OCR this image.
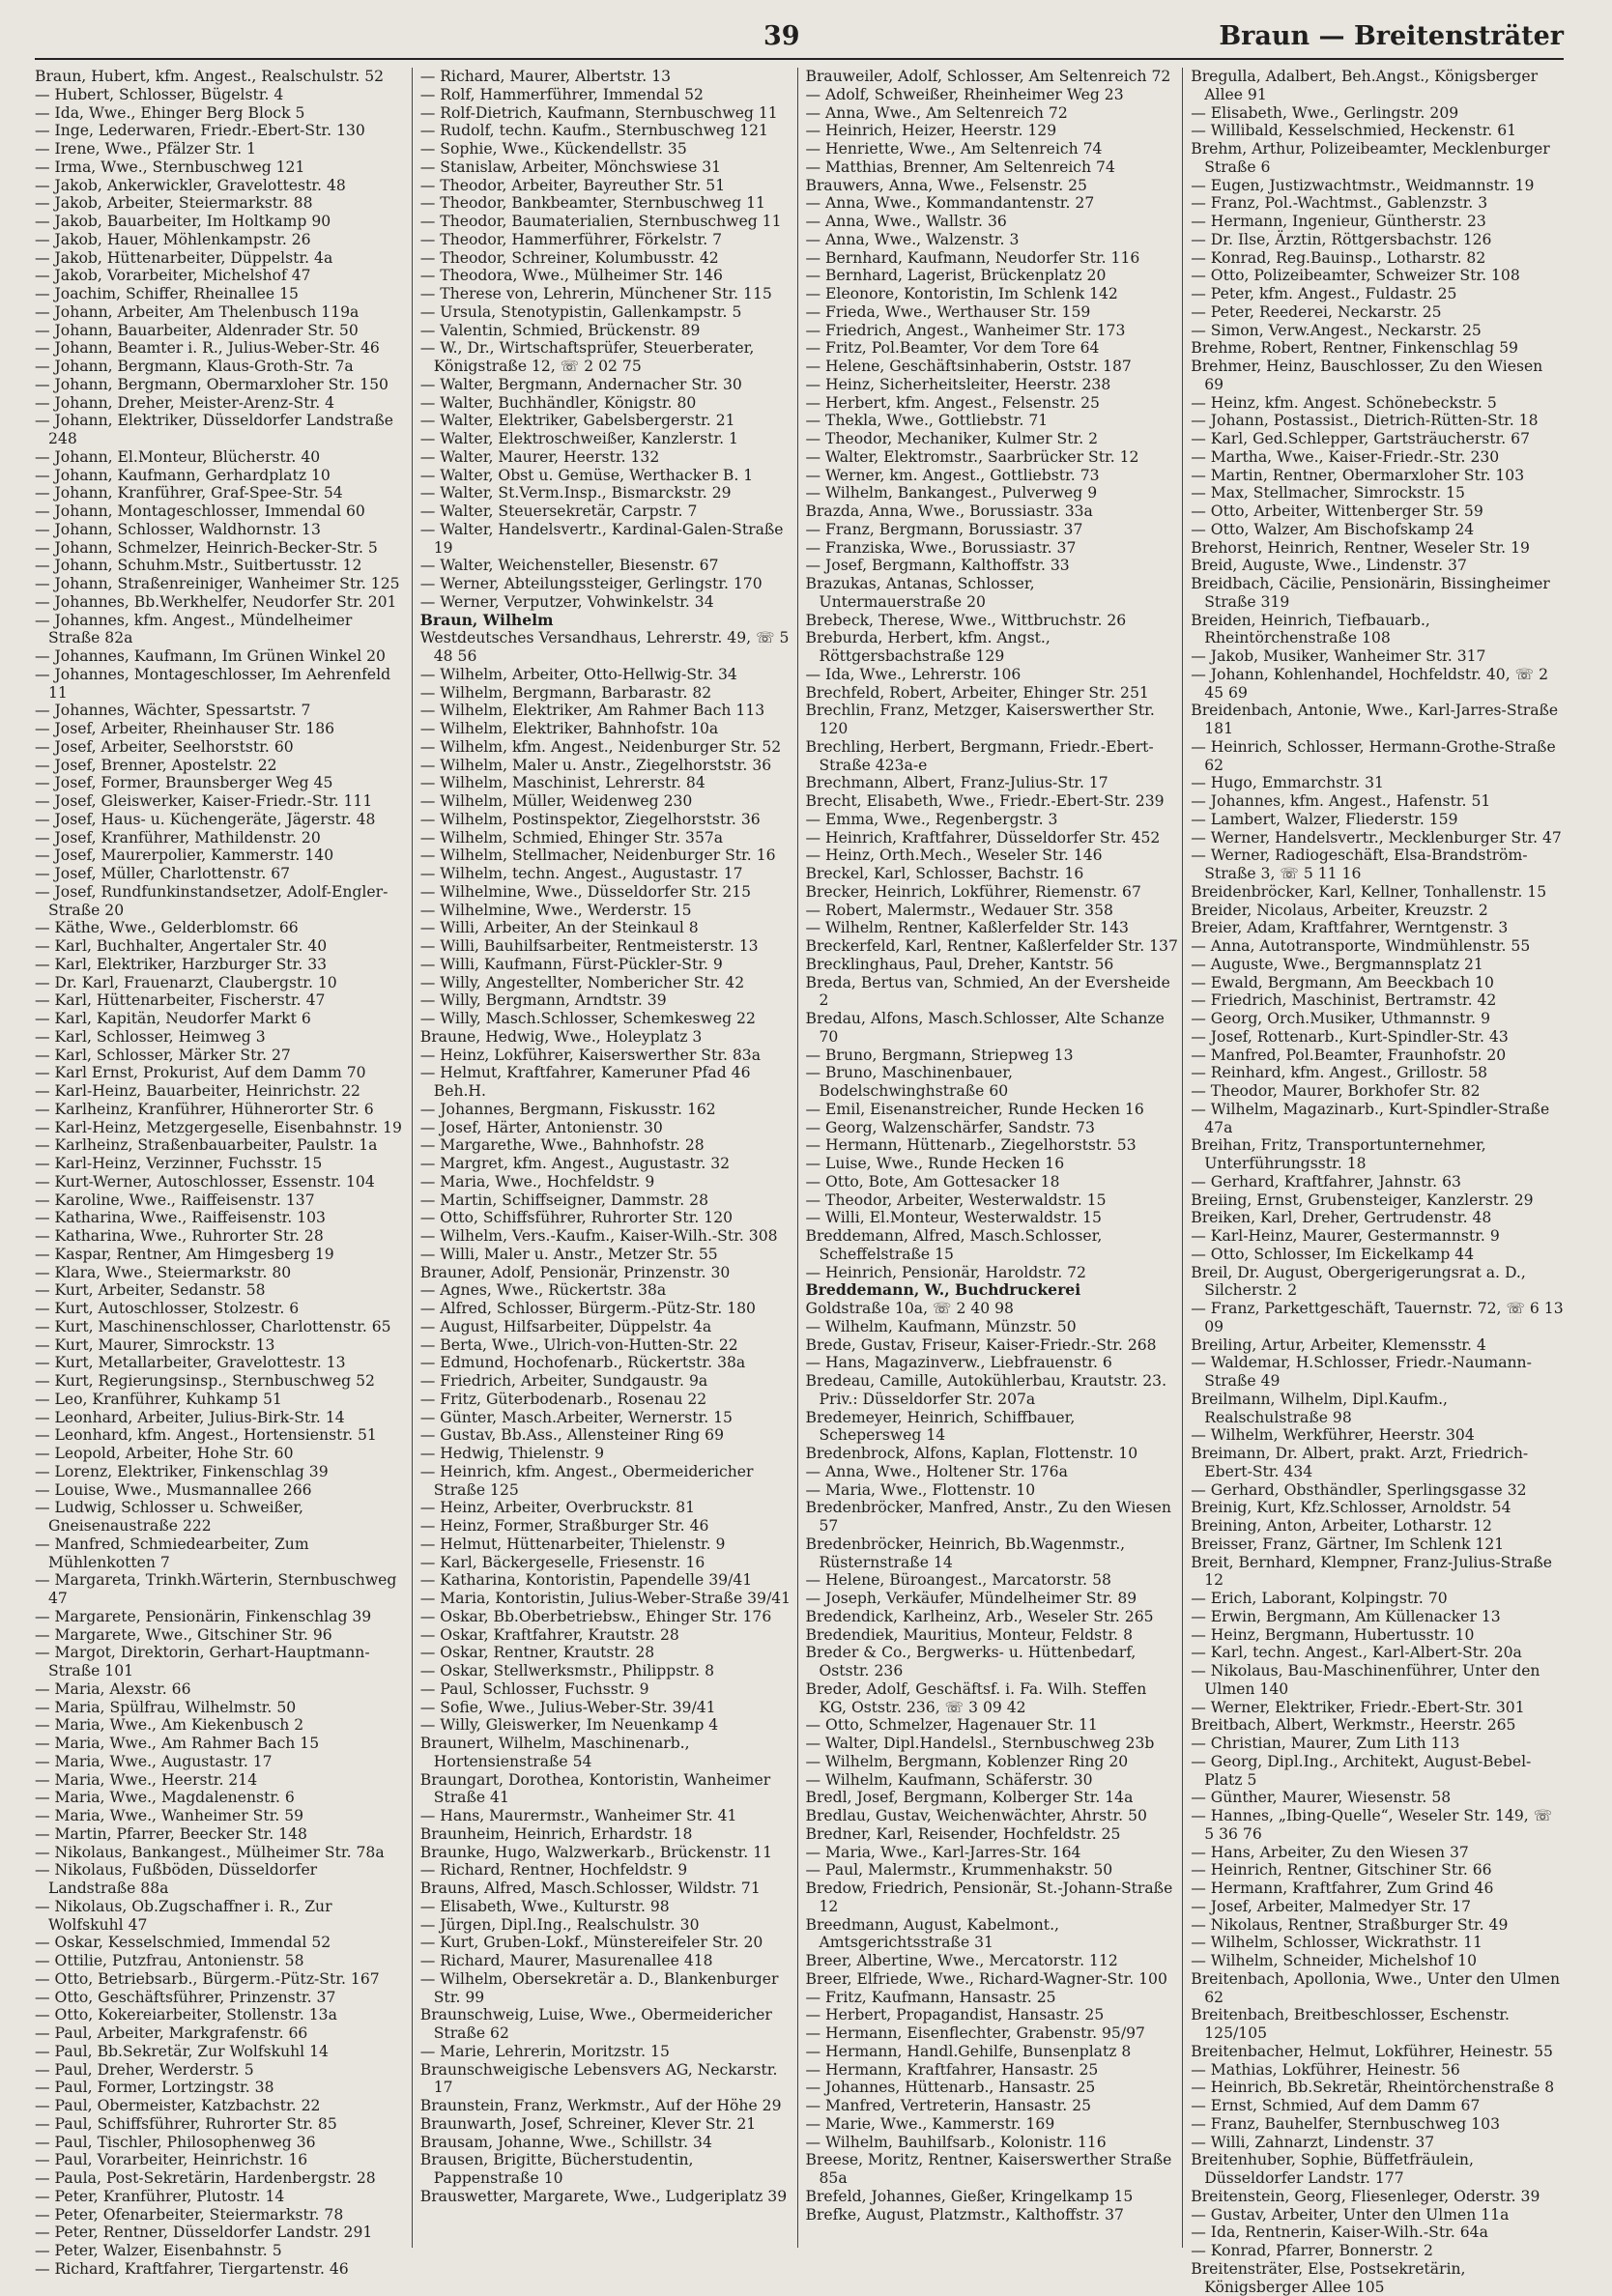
39	Braun — Breitensträter
Braun, Hubert, kfm. Angest., Realschulstr. 52
— Hubert, Schlosser, Bügelstr. 4
— Ida, Wwe., Ehinger Berg Block 5
— Inge, Lederwaren, Friedr.-Ebert-Str. 130
— Irene, Wwe., Pfälzer Str. 1
— Irma, Wwe., Sternbuschweg 121
— Jakob, Ankerwickler, Gravelottestr. 48
— Jakob, Arbeiter, Steiermarkstr. 88
— Jakob, Bauarbeiter, Im Holtkamp 90
— Jakob, Hauer, Möhlenkampstr. 26
— Jakob, Hüttenarbeiter, Düppelstr. 4a
— Jakob, Vorarbeiter, Michelshof 47
— Joachim, Schiffer, Rheinallee 15
— Johann, Arbeiter, Am Thelenbusch 119a
— Johann, Bauarbeiter, Aldenrader Str. 50
— Johann, Beamter i. R., Julius-Weber-Str. 46
— Johann, Bergmann, Klaus-Groth-Str. 7a
— Johann, Bergmann, Obermarxloher Str. 150
— Johann, Dreher, Meister-Arenz-Str. 4
— Johann, Elektriker, Düsseldorfer Landstraße 248
— Johann, El.Monteur, Blücherstr. 40
— Johann, Kaufmann, Gerhardplatz 10
— Johann, Kranführer, Graf-Spee-Str. 54
— Johann, Montageschlosser, Immendal 60
— Johann, Schlosser, Waldhornstr. 13
— Johann, Schmelzer, Heinrich-Becker-Str. 5
— Johann, Schuhm.Mstr., Suitbertusstr. 12
— Johann, Straßenreiniger, Wanheimer Str. 125
— Johannes, Bb.Werkhelfer, Neudorfer Str. 201
— Johannes, kfm. Angest., Mündelheimer Straße 82a
— Johannes, Kaufmann, Im Grünen Winkel 20
— Johannes, Montageschlosser, Im Aehrenfeld 11
— Johannes, Wächter, Spessartstr. 7
— Josef, Arbeiter, Rheinhauser Str. 186
— Josef, Arbeiter, Seelhorststr. 60
— Josef, Brenner, Apostelstr. 22
— Josef, Former, Braunsberger Weg 45
— Josef, Gleiswerker, Kaiser-Friedr.-Str. 111
— Josef, Haus- u. Küchengeräte, Jägerstr. 48
— Josef, Kranführer, Mathildenstr. 20
— Josef, Maurerpolier, Kammerstr. 140
— Josef, Müller, Charlottenstr. 67
— Josef, Rundfunkinstandsetzer, Adolf-Engler-Straße 20
— Käthe, Wwe., Gelderblomstr. 66
— Karl, Buchhalter, Angertaler Str. 40
— Karl, Elektriker, Harzburger Str. 33
— Dr. Karl, Frauenarzt, Claubergstr. 10
— Karl, Hüttenarbeiter, Fischerstr. 47
— Karl, Kapitän, Neudorfer Markt 6
— Karl, Schlosser, Heimweg 3
— Karl, Schlosser, Märker Str. 27
— Karl Ernst, Prokurist, Auf dem Damm 70
— Karl-Heinz, Bauarbeiter, Heinrichstr. 22
— Karlheinz, Kranführer, Hühnerorter Str. 6
— Karl-Heinz, Metzgergeselle, Eisenbahnstr. 19
— Karlheinz, Straßenbauarbeiter, Paulstr. 1a
— Karl-Heinz, Verzinner, Fuchsstr. 15
— Kurt-Werner, Autoschlosser, Essenstr. 104
— Karoline, Wwe., Raiffeisenstr. 137
— Katharina, Wwe., Raiffeisenstr. 103
— Katharina, Wwe., Ruhrorter Str. 28
— Kaspar, Rentner, Am Himgesberg 19
— Klara, Wwe., Steiermarkstr. 80
— Kurt, Arbeiter, Sedanstr. 58
— Kurt, Autoschlosser, Stolzestr. 6
— Kurt, Maschinenschlosser, Charlottenstr. 65
— Kurt, Maurer, Simrockstr. 13
— Kurt, Metallarbeiter, Gravelottestr. 13
— Kurt, Regierungsinsp., Sternbuschweg 52
— Leo, Kranführer, Kuhkamp 51
— Leonhard, Arbeiter, Julius-Birk-Str. 14
— Leonhard, kfm. Angest., Hortensienstr. 51
— Leopold, Arbeiter, Hohe Str. 60
— Lorenz, Elektriker, Finkenschlag 39
— Louise, Wwe., Musmannallee 266
— Ludwig, Schlosser u. Schweißer, Gneisenaustraße 222
— Manfred, Schmiedearbeiter, Zum Mühlenkotten 7
— Margareta, Trinkh.Wärterin, Sternbuschweg 47
— Margarete, Pensionärin, Finkenschlag 39
— Margarete, Wwe., Gitschiner Str. 96
— Margot, Direktorin, Gerhart-Hauptmann-Straße 101
— Maria, Alexstr. 66
— Maria, Spülfrau, Wilhelmstr. 50
— Maria, Wwe., Am Kiekenbusch 2
— Maria, Wwe., Am Rahmer Bach 15
— Maria, Wwe., Augustastr. 17
— Maria, Wwe., Heerstr. 214
— Maria, Wwe., Magdalenenstr. 6
— Maria, Wwe., Wanheimer Str. 59
— Martin, Pfarrer, Beecker Str. 148
— Nikolaus, Bankangest., Mülheimer Str. 78a
— Nikolaus, Fußböden, Düsseldorfer Landstraße 88a
— Nikolaus, Ob.Zugschaffner i. R., Zur Wolfskuhl 47
— Oskar, Kesselschmied, Immendal 52
— Ottilie, Putzfrau, Antonienstr. 58
— Otto, Betriebsarb., Bürgerm.-Pütz-Str. 167
— Otto, Geschäftsführer, Prinzenstr. 37
— Otto, Kokereiarbeiter, Stollenstr. 13a
— Paul, Arbeiter, Markgrafenstr. 66
— Paul, Bb.Sekretär, Zur Wolfskuhl 14
— Paul, Dreher, Werderstr. 5
— Paul, Former, Lortzingstr. 38
— Paul, Obermeister, Katzbachstr. 22
— Paul, Schiffsführer, Ruhrorter Str. 85
— Paul, Tischler, Philosophenweg 36
— Paul, Vorarbeiter, Heinrichstr. 16
— Paula, Post-Sekretärin, Hardenbergstr. 28
— Peter, Kranführer, Plutostr. 14
— Peter, Ofenarbeiter, Steiermarkstr. 78
— Peter, Rentner, Düsseldorfer Landstr. 291
— Peter, Walzer, Eisenbahnstr. 5
— Richard, Kraftfahrer, Tiergartenstr. 46
— Richard, Maurer, Albertstr. 13
— Rolf, Hammerführer, Immendal 52
— Rolf-Dietrich, Kaufmann, Sternbuschweg 11
— Rudolf, techn. Kaufm., Sternbuschweg 121
— Sophie, Wwe., Kückendellstr. 35
— Stanislaw, Arbeiter, Mönchswiese 31
— Theodor, Arbeiter, Bayreuther Str. 51
— Theodor, Bankbeamter, Sternbuschweg 11
— Theodor, Baumaterialien, Sternbuschweg 11
— Theodor, Hammerführer, Förkelstr. 7
— Theodor, Schreiner, Kolumbusstr. 42
— Theodora, Wwe., Mülheimer Str. 146
— Therese von, Lehrerin, Münchener Str. 115
— Ursula, Stenotypistin, Gallenkampstr. 5
— Valentin, Schmied, Brückenstr. 89
— W., Dr., Wirtschaftsprüfer, Steuerberater, Königstraße 12, ☏ 2 02 75
— Walter, Bergmann, Andernacher Str. 30
— Walter, Buchhändler, Königstr. 80
— Walter, Elektriker, Gabelsbergerstr. 21
— Walter, Elektroschweißer, Kanzlerstr. 1
— Walter, Maurer, Heerstr. 132
— Walter, Obst u. Gemüse, Werthacker B. 1
— Walter, St.Verm.Insp., Bismarckstr. 29
— Walter, Steuersekretär, Carpstr. 7
— Walter, Handelsvertr., Kardinal-Galen-Straße 19
— Walter, Weichensteller, Biesenstr. 67
— Werner, Abteilungssteiger, Gerlingstr. 170
— Werner, Verputzer, Vohwinkelstr. 34
Braun, Wilhelm
Westdeutsches Versandhaus, Lehrerstr. 49, ☏ 5 48 56
— Wilhelm, Arbeiter, Otto-Hellwig-Str. 34
— Wilhelm, Bergmann, Barbarastr. 82
— Wilhelm, Elektriker, Am Rahmer Bach 113
— Wilhelm, Elektriker, Bahnhofstr. 10a
— Wilhelm, kfm. Angest., Neidenburger Str. 52
— Wilhelm, Maler u. Anstr., Ziegelhorststr. 36
— Wilhelm, Maschinist, Lehrerstr. 84
— Wilhelm, Müller, Weidenweg 230
— Wilhelm, Postinspektor, Ziegelhorststr. 36
— Wilhelm, Schmied, Ehinger Str. 357a
— Wilhelm, Stellmacher, Neidenburger Str. 16
— Wilhelm, techn. Angest., Augustastr. 17
— Wilhelmine, Wwe., Düsseldorfer Str. 215
— Wilhelmine, Wwe., Werderstr. 15
— Willi, Arbeiter, An der Steinkaul 8
— Willi, Bauhilfsarbeiter, Rentmeisterstr. 13
— Willi, Kaufmann, Fürst-Pückler-Str. 9
— Willy, Angestellter, Nombericher Str. 42
— Willy, Bergmann, Arndtstr. 39
— Willy, Masch.Schlosser, Schemkesweg 22
Braune, Hedwig, Wwe., Holeyplatz 3
— Heinz, Lokführer, Kaiserswerther Str. 83a
— Helmut, Kraftfahrer, Kameruner Pfad 46 Beh.H.
— Johannes, Bergmann, Fiskusstr. 162
— Josef, Härter, Antonienstr. 30
— Margarethe, Wwe., Bahnhofstr. 28
— Margret, kfm. Angest., Augustastr. 32
— Maria, Wwe., Hochfeldstr. 9
— Martin, Schiffseigner, Dammstr. 28
— Otto, Schiffsführer, Ruhrorter Str. 120
— Wilhelm, Vers.-Kaufm., Kaiser-Wilh.-Str. 308
— Willi, Maler u. Anstr., Metzer Str. 55
Brauner, Adolf, Pensionär, Prinzenstr. 30
— Agnes, Wwe., Rückertstr. 38a
— Alfred, Schlosser, Bürgerm.-Pütz-Str. 180
— August, Hilfsarbeiter, Düppelstr. 4a
— Berta, Wwe., Ulrich-von-Hutten-Str. 22
— Edmund, Hochofenarb., Rückertstr. 38a
— Friedrich, Arbeiter, Sundgaustr. 9a
— Fritz, Güterbodenarb., Rosenau 22
— Günter, Masch.Arbeiter, Wernerstr. 15
— Gustav, Bb.Ass., Allensteiner Ring 69
— Hedwig, Thielenstr. 9
— Heinrich, kfm. Angest., Obermeidericher Straße 125
— Heinz, Arbeiter, Overbruckstr. 81
— Heinz, Former, Straßburger Str. 46
— Helmut, Hüttenarbeiter, Thielenstr. 9
— Karl, Bäckergeselle, Friesenstr. 16
— Katharina, Kontoristin, Papendelle 39/41
— Maria, Kontoristin, Julius-Weber-Straße 39/41
— Oskar, Bb.Oberbetriebsw., Ehinger Str. 176
— Oskar, Kraftfahrer, Krautstr. 28
— Oskar, Rentner, Krautstr. 28
— Oskar, Stellwerksmstr., Philippstr. 8
— Paul, Schlosser, Fuchsstr. 9
— Sofie, Wwe., Julius-Weber-Str. 39/41
— Willy, Gleiswerker, Im Neuenkamp 4
Braunert, Wilhelm, Maschinenarb., Hortensienstraße 54
Braungart, Dorothea, Kontoristin, Wanheimer Straße 41
— Hans, Maurermstr., Wanheimer Str. 41
Braunheim, Heinrich, Erhardstr. 18
Braunke, Hugo, Walzwerkarb., Brückenstr. 11
— Richard, Rentner, Hochfeldstr. 9
Brauns, Alfred, Masch.Schlosser, Wildstr. 71
— Elisabeth, Wwe., Kulturstr. 98
— Jürgen, Dipl.Ing., Realschulstr. 30
— Kurt, Gruben-Lokf., Münstereifeler Str. 20
— Richard, Maurer, Masurenallee 418
— Wilhelm, Obersekretär a. D., Blankenburger Str. 99
Braunschweig, Luise, Wwe., Obermeidericher Straße 62
— Marie, Lehrerin, Moritzstr. 15
Braunschweigische Lebensvers AG, Neckarstr. 17
Braunstein, Franz, Werkmstr., Auf der Höhe 29
Braunwarth, Josef, Schreiner, Klever Str. 21
Brausam, Johanne, Wwe., Schillstr. 34
Brausen, Brigitte, Bücherstudentin, Pappenstraße 10
Brauswetter, Margarete, Wwe., Ludgeriplatz 39
Brauweiler, Adolf, Schlosser, Am Seltenreich 72
— Adolf, Schweißer, Rheinheimer Weg 23
— Anna, Wwe., Am Seltenreich 72
— Heinrich, Heizer, Heerstr. 129
— Henriette, Wwe., Am Seltenreich 74
— Matthias, Brenner, Am Seltenreich 74
Brauwers, Anna, Wwe., Felsenstr. 25
— Anna, Wwe., Kommandantenstr. 27
— Anna, Wwe., Wallstr. 36
— Anna, Wwe., Walzenstr. 3
— Bernhard, Kaufmann, Neudorfer Str. 116
— Bernhard, Lagerist, Brückenplatz 20
— Eleonore, Kontoristin, Im Schlenk 142
— Frieda, Wwe., Werthauser Str. 159
— Friedrich, Angest., Wanheimer Str. 173
— Fritz, Pol.Beamter, Vor dem Tore 64
— Helene, Geschäftsinhaberin, Oststr. 187
— Heinz, Sicherheitsleiter, Heerstr. 238
— Herbert, kfm. Angest., Felsenstr. 25
— Thekla, Wwe., Gottliebstr. 71
— Theodor, Mechaniker, Kulmer Str. 2
— Walter, Elektromstr., Saarbrücker Str. 12
— Werner, km. Angest., Gottliebstr. 73
— Wilhelm, Bankangest., Pulverweg 9
Brazda, Anna, Wwe., Borussiastr. 33a
— Franz, Bergmann, Borussiastr. 37
— Franziska, Wwe., Borussiastr. 37
— Josef, Bergmann, Kalthoffstr. 33
Brazukas, Antanas, Schlosser, Untermauerstraße 20
Brebeck, Therese, Wwe., Wittbruchstr. 26
Breburda, Herbert, kfm. Angst., Röttgersbachstraße 129
— Ida, Wwe., Lehrerstr. 106
Brechfeld, Robert, Arbeiter, Ehinger Str. 251
Brechlin, Franz, Metzger, Kaiserswerther Str. 120
Brechling, Herbert, Bergmann, Friedr.-Ebert-Straße 423a-e
Brechmann, Albert, Franz-Julius-Str. 17
Brecht, Elisabeth, Wwe., Friedr.-Ebert-Str. 239
— Emma, Wwe., Regenbergstr. 3
— Heinrich, Kraftfahrer, Düsseldorfer Str. 452
— Heinz, Orth.Mech., Weseler Str. 146
Breckel, Karl, Schlosser, Bachstr. 16
Brecker, Heinrich, Lokführer, Riemenstr. 67
— Robert, Malermstr., Wedauer Str. 358
— Wilhelm, Rentner, Kaßlerfelder Str. 143
Breckerfeld, Karl, Rentner, Kaßlerfelder Str. 137
Brecklinghaus, Paul, Dreher, Kantstr. 56
Breda, Bertus van, Schmied, An der Eversheide 2
Bredau, Alfons, Masch.Schlosser, Alte Schanze 70
— Bruno, Bergmann, Striepweg 13
— Bruno, Maschinenbauer, Bodelschwinghstraße 60
— Emil, Eisenanstreicher, Runde Hecken 16
— Georg, Walzenschärfer, Sandstr. 73
— Hermann, Hüttenarb., Ziegelhorststr. 53
— Luise, Wwe., Runde Hecken 16
— Otto, Bote, Am Gottesacker 18
— Theodor, Arbeiter, Westerwaldstr. 15
— Willi, El.Monteur, Westerwaldstr. 15
Breddemann, Alfred, Masch.Schlosser, Scheffelstraße 15
— Heinrich, Pensionär, Haroldstr. 72
Breddemann, W., Buchdruckerei
Goldstraße 10a, ☏ 2 40 98
— Wilhelm, Kaufmann, Münzstr. 50
Brede, Gustav, Friseur, Kaiser-Friedr.-Str. 268
— Hans, Magazinverw., Liebfrauenstr. 6
Bredeau, Camille, Autokühlerbau, Krautstr. 23. Priv.: Düsseldorfer Str. 207a
Bredemeyer, Heinrich, Schiffbauer, Schepersweg 14
Bredenbrock, Alfons, Kaplan, Flottenstr. 10
— Anna, Wwe., Holtener Str. 176a
— Maria, Wwe., Flottenstr. 10
Bredenbröcker, Manfred, Anstr., Zu den Wiesen 57
Bredenbröcker, Heinrich, Bb.Wagenmstr., Rüsternstraße 14
— Helene, Büroangest., Marcatorstr. 58
— Joseph, Verkäufer, Mündelheimer Str. 89
Bredendick, Karlheinz, Arb., Weseler Str. 265
Bredendiek, Mauritius, Monteur, Feldstr. 8
Breder & Co., Bergwerks- u. Hüttenbedarf, Oststr. 236
Breder, Adolf, Geschäftsf. i. Fa. Wilh. Steffen KG, Oststr. 236, ☏ 3 09 42
— Otto, Schmelzer, Hagenauer Str. 11
— Walter, Dipl.Handelsl., Sternbuschweg 23b
— Wilhelm, Bergmann, Koblenzer Ring 20
— Wilhelm, Kaufmann, Schäferstr. 30
Bredl, Josef, Bergmann, Kolberger Str. 14a
Bredlau, Gustav, Weichenwächter, Ahrstr. 50
Bredner, Karl, Reisender, Hochfeldstr. 25
— Maria, Wwe., Karl-Jarres-Str. 164
— Paul, Malermstr., Krummenhakstr. 50
Bredow, Friedrich, Pensionär, St.-Johann-Straße 12
Breedmann, August, Kabelmont., Amtsgerichtsstraße 31
Breer, Albertine, Wwe., Mercatorstr. 112
Breer, Elfriede, Wwe., Richard-Wagner-Str. 100
— Fritz, Kaufmann, Hansastr. 25
— Herbert, Propagandist, Hansastr. 25
— Hermann, Eisenflechter, Grabenstr. 95/97
— Hermann, Handl.Gehilfe, Bunsenplatz 8
— Hermann, Kraftfahrer, Hansastr. 25
— Johannes, Hüttenarb., Hansastr. 25
— Manfred, Vertreterin, Hansastr. 25
— Marie, Wwe., Kammerstr. 169
— Wilhelm, Bauhilfsarb., Kolonistr. 116
Breese, Moritz, Rentner, Kaiserswerther Straße 85a
Brefeld, Johannes, Gießer, Kringelkamp 15
Brefke, August, Platzmstr., Kalthoffstr. 37
Bregulla, Adalbert, Beh.Angst., Königsberger Allee 91
— Elisabeth, Wwe., Gerlingstr. 209
— Willibald, Kesselschmied, Heckenstr. 61
Brehm, Arthur, Polizeibeamter, Mecklenburger Straße 6
— Eugen, Justizwachtmstr., Weidmannstr. 19
— Franz, Pol.-Wachtmst., Gablenzstr. 3
— Hermann, Ingenieur, Güntherstr. 23
— Dr. Ilse, Ärztin, Röttgersbachstr. 126
— Konrad, Reg.Bauinsp., Lotharstr. 82
— Otto, Polizeibeamter, Schweizer Str. 108
— Peter, kfm. Angest., Fuldastr. 25
— Peter, Reederei, Neckarstr. 25
— Simon, Verw.Angest., Neckarstr. 25
Brehme, Robert, Rentner, Finkenschlag 59
Brehmer, Heinz, Bauschlosser, Zu den Wiesen 69
— Heinz, kfm. Angest. Schönebeckstr. 5
— Johann, Postassist., Dietrich-Rütten-Str. 18
— Karl, Ged.Schlepper, Gartsträucherstr. 67
— Martha, Wwe., Kaiser-Friedr.-Str. 230
— Martin, Rentner, Obermarxloher Str. 103
— Max, Stellmacher, Simrockstr. 15
— Otto, Arbeiter, Wittenberger Str. 59
— Otto, Walzer, Am Bischofskamp 24
Brehorst, Heinrich, Rentner, Weseler Str. 19
Breid, Auguste, Wwe., Lindenstr. 37
Breidbach, Cäcilie, Pensionärin, Bissingheimer Straße 319
Breiden, Heinrich, Tiefbauarb., Rheintörchenstraße 108
— Jakob, Musiker, Wanheimer Str. 317
— Johann, Kohlenhandel, Hochfeldstr. 40, ☏ 2 45 69
Breidenbach, Antonie, Wwe., Karl-Jarres-Straße 181
— Heinrich, Schlosser, Hermann-Grothe-Straße 62
— Hugo, Emmarchstr. 31
— Johannes, kfm. Angest., Hafenstr. 51
— Lambert, Walzer, Fliederstr. 159
— Werner, Handelsvertr., Mecklenburger Str. 47
— Werner, Radiogeschäft, Elsa-Brandström-Straße 3, ☏ 5 11 16
Breidenbröcker, Karl, Kellner, Tonhallenstr. 15
Breider, Nicolaus, Arbeiter, Kreuzstr. 2
Breier, Adam, Kraftfahrer, Werntgenstr. 3
— Anna, Autotransporte, Windmühlenstr. 55
— Auguste, Wwe., Bergmannsplatz 21
— Ewald, Bergmann, Am Beeckbach 10
— Friedrich, Maschinist, Bertramstr. 42
— Georg, Orch.Musiker, Uthmannstr. 9
— Josef, Rottenarb., Kurt-Spindler-Str. 43
— Manfred, Pol.Beamter, Fraunhofstr. 20
— Reinhard, kfm. Angest., Grillostr. 58
— Theodor, Maurer, Borkhofer Str. 82
— Wilhelm, Magazinarb., Kurt-Spindler-Straße 47a
Breihan, Fritz, Transportunternehmer, Unterführungsstr. 18
— Gerhard, Kraftfahrer, Jahnstr. 63
Breiing, Ernst, Grubensteiger, Kanzlerstr. 29
Breiken, Karl, Dreher, Gertrudenstr. 48
— Karl-Heinz, Maurer, Gestermannstr. 9
— Otto, Schlosser, Im Eickelkamp 44
Breil, Dr. August, Obergerigerungsrat a. D., Silcherstr. 2
— Franz, Parkettgeschäft, Tauernstr. 72, ☏ 6 13 09
Breiling, Artur, Arbeiter, Klemensstr. 4
— Waldemar, H.Schlosser, Friedr.-Naumann-Straße 49
Breilmann, Wilhelm, Dipl.Kaufm., Realschulstraße 98
— Wilhelm, Werkführer, Heerstr. 304
Breimann, Dr. Albert, prakt. Arzt, Friedrich-Ebert-Str. 434
— Gerhard, Obsthändler, Sperlingsgasse 32
Breinig, Kurt, Kfz.Schlosser, Arnoldstr. 54
Breining, Anton, Arbeiter, Lotharstr. 12
Breisser, Franz, Gärtner, Im Schlenk 121
Breit, Bernhard, Klempner, Franz-Julius-Straße 12
— Erich, Laborant, Kolpingstr. 70
— Erwin, Bergmann, Am Küllenacker 13
— Heinz, Bergmann, Hubertusstr. 10
— Karl, techn. Angest., Karl-Albert-Str. 20a
— Nikolaus, Bau-Maschinenführer, Unter den Ulmen 140
— Werner, Elektriker, Friedr.-Ebert-Str. 301
Breitbach, Albert, Werkmstr., Heerstr. 265
— Christian, Maurer, Zum Lith 113
— Georg, Dipl.Ing., Architekt, August-Bebel-Platz 5
— Günther, Maurer, Wiesenstr. 58
— Hannes, „Ibing-Quelle“, Weseler Str. 149, ☏ 5 36 76
— Hans, Arbeiter, Zu den Wiesen 37
— Heinrich, Rentner, Gitschiner Str. 66
— Hermann, Kraftfahrer, Zum Grind 46
— Josef, Arbeiter, Malmedyer Str. 17
— Nikolaus, Rentner, Straßburger Str. 49
— Wilhelm, Schlosser, Wickrathstr. 11
— Wilhelm, Schneider, Michelshof 10
Breitenbach, Apollonia, Wwe., Unter den Ulmen 62
Breitenbach, Breitbeschlosser, Eschenstr. 125/105
Breitenbacher, Helmut, Lokführer, Heinestr. 55
— Mathias, Lokführer, Heinestr. 56
— Heinrich, Bb.Sekretär, Rheintörchenstraße 8
— Ernst, Schmied, Auf dem Damm 67
— Franz, Bauhelfer, Sternbuschweg 103
— Willi, Zahnarzt, Lindenstr. 37
Breitenhuber, Sophie, Büffetfräulein, Düsseldorfer Landstr. 177
Breitenstein, Georg, Fliesenleger, Oderstr. 39
— Gustav, Arbeiter, Unter den Ulmen 11a
— Ida, Rentnerin, Kaiser-Wilh.-Str. 64a
— Konrad, Pfarrer, Bonnerstr. 2
Breitensträter, Else, Postsekretärin, Königsberger Allee 105
